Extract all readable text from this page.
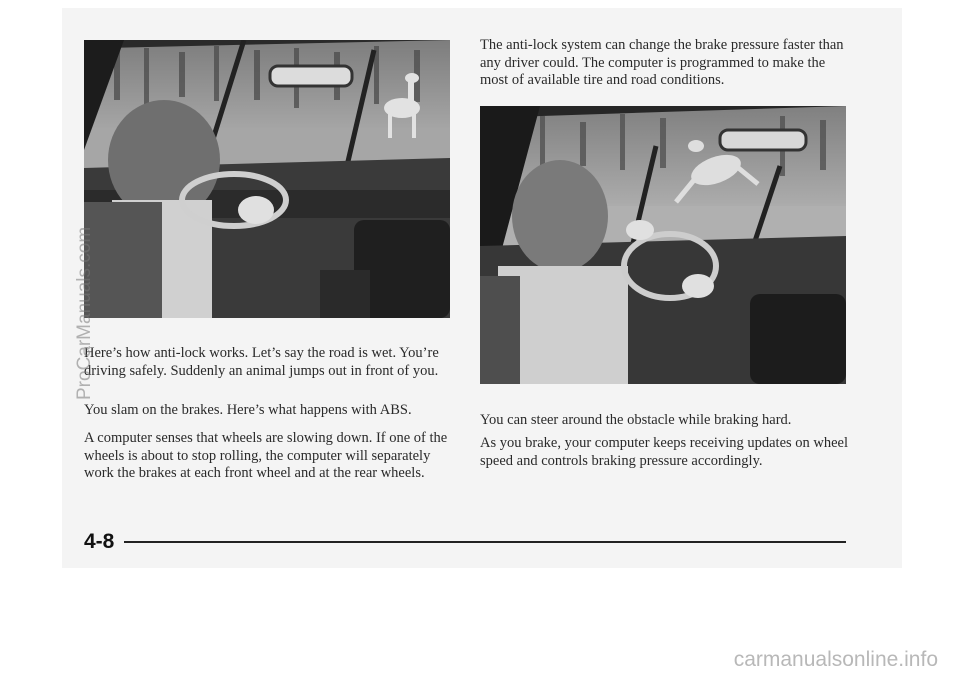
The anti-lock system can change the brake pressure faster than any driver could. The computer is programmed to make the most of available tire and road conditions.

Here’s how anti-lock works. Let’s say the road is wet. You’re driving safely. Suddenly an animal jumps out in front of you.

You slam on the brakes. Here’s what happens with ABS.

A computer senses that wheels are slowing down. If one of the wheels is about to stop rolling, the computer will separately work the brakes at each front wheel and at the rear wheels.

You can steer around the obstacle while braking hard.

As you brake, your computer keeps receiving updates on wheel speed and controls braking pressure accordingly.

4-8
ProCarManuals.com
carmanualsonline.info
